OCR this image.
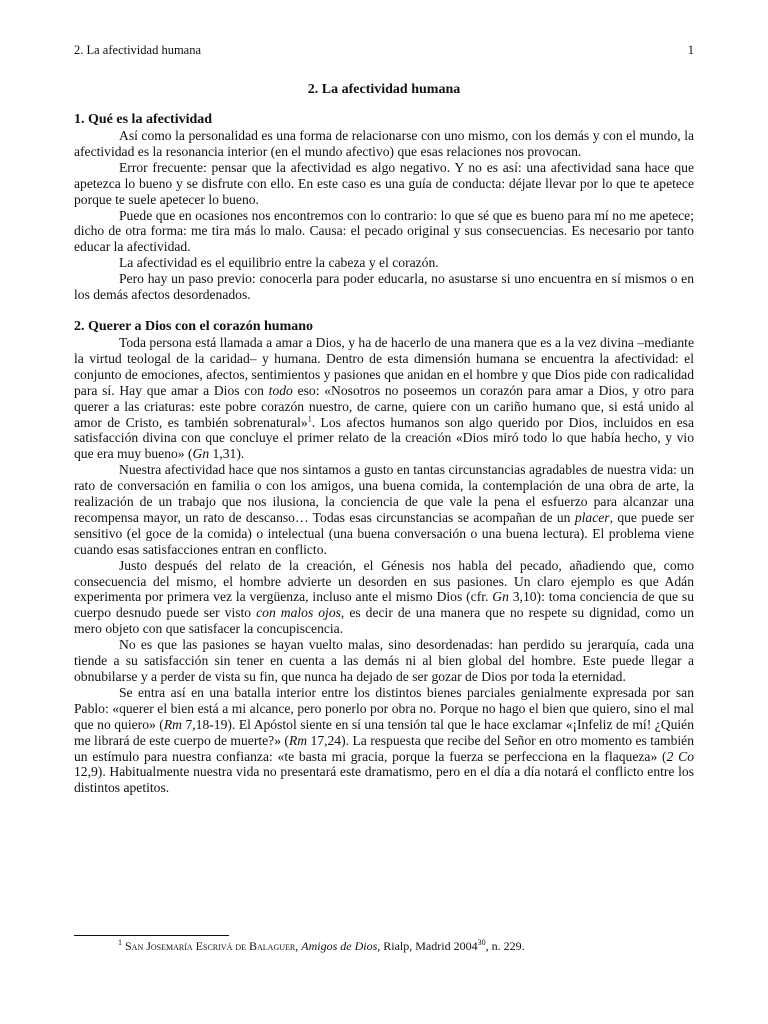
2. La afectividad humana	1
2. La afectividad humana
1. Qué es la afectividad

Así como la personalidad es una forma de relacionarse con uno mismo, con los demás y con el mundo, la afectividad es la resonancia interior (en el mundo afectivo) que esas relaciones nos provocan.

Error frecuente: pensar que la afectividad es algo negativo. Y no es así: una afectividad sana hace que apetezca lo bueno y se disfrute con ello. En este caso es una guía de conducta: déjate llevar por lo que te apetece porque te suele apetecer lo bueno.

Puede que en ocasiones nos encontremos con lo contrario: lo que sé que es bueno para mí no me apetece; dicho de otra forma: me tira más lo malo. Causa: el pecado original y sus consecuencias. Es necesario por tanto educar la afectividad.

La afectividad es el equilibrio entre la cabeza y el corazón.

Pero hay un paso previo: conocerla para poder educarla, no asustarse si uno encuentra en sí mismos o en los demás afectos desordenados.

2. Querer a Dios con el corazón humano

Toda persona está llamada a amar a Dios, y ha de hacerlo de una manera que es a la vez divina –mediante la virtud teologal de la caridad– y humana. Dentro de esta dimensión humana se encuentra la afectividad: el conjunto de emociones, afectos, sentimientos y pasiones que anidan en el hombre y que Dios pide con radicalidad para sí. Hay que amar a Dios con todo eso: «Nosotros no poseemos un corazón para amar a Dios, y otro para querer a las criaturas: este pobre corazón nuestro, de carne, quiere con un cariño humano que, si está unido al amor de Cristo, es también sobrenatural»$^1$. Los afectos humanos son algo querido por Dios, incluidos en esa satisfacción divina con que concluye el primer relato de la creación «Dios miró todo lo que había hecho, y vio que era muy bueno» (Gn 1,31).

Nuestra afectividad hace que nos sintamos a gusto en tantas circunstancias agradables de nuestra vida: un rato de conversación en familia o con los amigos, una buena comida, la contemplación de una obra de arte, la realización de un trabajo que nos ilusiona, la conciencia de que vale la pena el esfuerzo para alcanzar una recompensa mayor, un rato de descanso… Todas esas circunstancias se acompañan de un placer, que puede ser sensitivo (el goce de la comida) o intelectual (una buena conversación o una buena lectura). El problema viene cuando esas satisfacciones entran en conflicto.

Justo después del relato de la creación, el Génesis nos habla del pecado, añadiendo que, como consecuencia del mismo, el hombre advierte un desorden en sus pasiones. Un claro ejemplo es que Adán experimenta por primera vez la vergüenza, incluso ante el mismo Dios (cfr. Gn 3,10): toma conciencia de que su cuerpo desnudo puede ser visto con malos ojos, es decir de una manera que no respete su dignidad, como un mero objeto con que satisfacer la concupiscencia.

No es que las pasiones se hayan vuelto malas, sino desordenadas: han perdido su jerarquía, cada una tiende a su satisfacción sin tener en cuenta a las demás ni al bien global del hombre. Este puede llegar a obnubilarse y a perder de vista su fin, que nunca ha dejado de ser gozar de Dios por toda la eternidad.

Se entra así en una batalla interior entre los distintos bienes parciales genialmente expresada por san Pablo: «querer el bien está a mi alcance, pero ponerlo por obra no. Porque no hago el bien que quiero, sino el mal que no quiero» (Rm 7,18-19). El Apóstol siente en sí una tensión tal que le hace exclamar «¡Infeliz de mí! ¿Quién me librará de este cuerpo de muerte?» (Rm 17,24). La respuesta que recibe del Señor en otro momento es también un estímulo para nuestra confianza: «te basta mi gracia, porque la fuerza se perfecciona en la flaqueza» (2 Co 12,9). Habitualmente nuestra vida no presentará este dramatismo, pero en el día a día notará el conflicto entre los distintos apetitos.

$^1$ San Josemaría Escrivá de Balaguer, Amigos de Dios, Rialp, Madrid 2004$^{30}$, n. 229.
